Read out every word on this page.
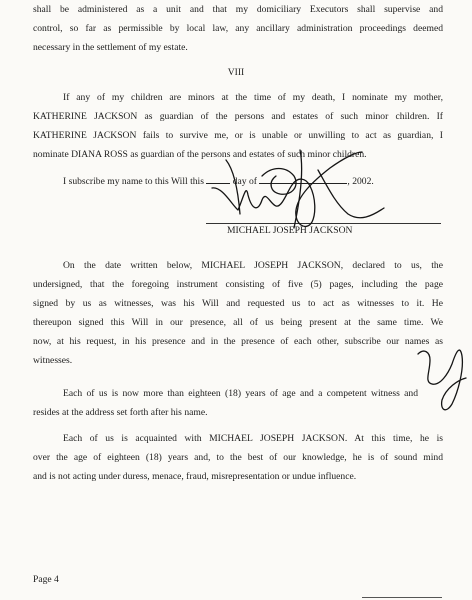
shall be administered as a unit and that my domiciliary Executors shall supervise and
control, so far as permissible by local law, any ancillary administration proceedings deemed
necessary in the settlement of my estate.

VIII

If any of my children are minors at the time of my death, I nominate my mother,
KATHERINE JACKSON as guardian of the persons and estates of such minor children. If
KATHERINE JACKSON fails to survive me, or is unable or unwilling to act as guardian, I
nominate DIANA ROSS as guardian of the persons and estates of such minor children.

I subscribe my name to this Will this	day of	, 2002.
MICHAEL JOSEPH JACKSON

On the date written below, MICHAEL JOSEPH JACKSON, declared to us, the
undersigned, that the foregoing instrument consisting of five (5) pages, including the page
signed by us as witnesses, was his Will and requested us to act as witnesses to it. He
thereupon signed this Will in our presence, all of us being present at the same time. We
now, at his request, in his presence and in the presence of each other, subscribe our names as
witnesses.

Each of us is now more than eighteen (18) years of age and a competent witness and
resides at the address set forth after his name.

Each of us is acquainted with MICHAEL JOSEPH JACKSON. At this time, he is
over the age of eighteen (18) years and, to the best of our knowledge, he is of sound mind
and is not acting under duress, menace, fraud, misrepresentation or undue influence.

Page 4
